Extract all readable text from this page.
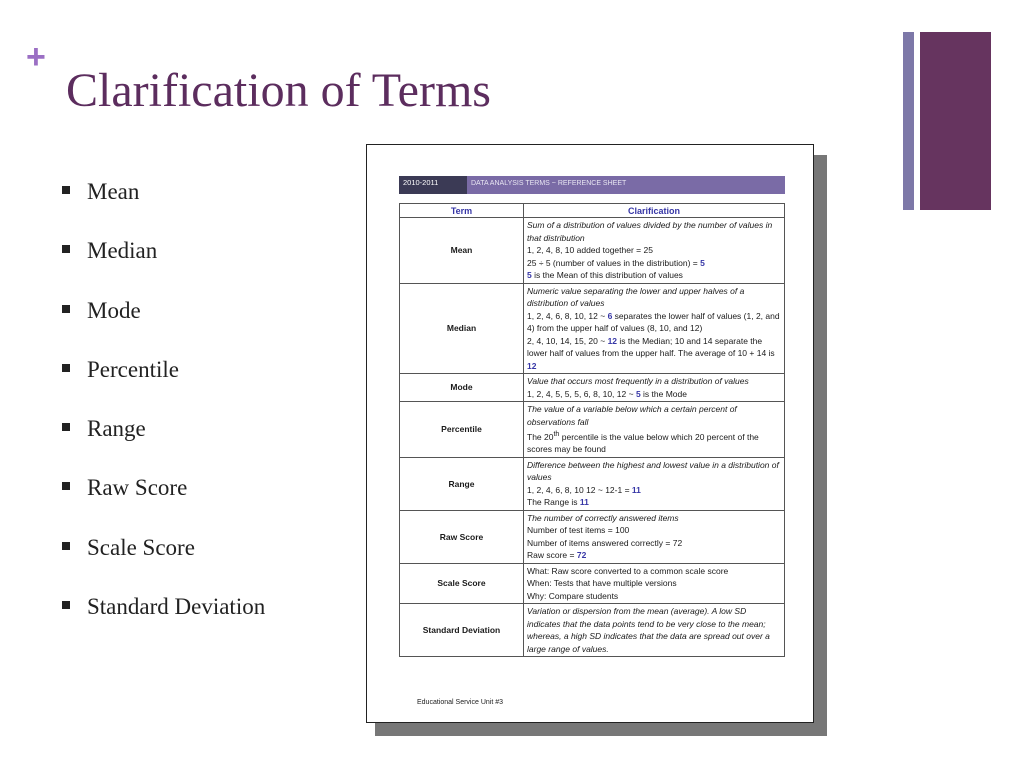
+
Clarification of Terms
Mean
Median
Mode
Percentile
Range
Raw Score
Scale Score
Standard Deviation
2010-2011	DATA ANALYSIS TERMS ~ REFERENCE SHEET
Term	Clarification
Mean	Sum of a distribution of values divided by the number of values in that distribution
1, 2, 4, 8, 10 added together = 25
25 ÷ 5 (number of values in the distribution) = 5
5 is the Mean of this distribution of values

Median	Numeric value separating the lower and upper halves of a distribution of values
1, 2, 4, 6, 8, 10, 12 ~ 6 separates the lower half of values (1, 2, and 4) from the upper half of values (8, 10, and 12)
2, 4, 10, 14, 15, 20 ~ 12 is the Median; 10 and 14 separate the lower half of values from the upper half. The average of 10 + 14 is 12

Mode	Value that occurs most frequently in a distribution of values
1, 2, 4, 5, 5, 5, 6, 8, 10, 12 ~ 5 is the Mode

Percentile	The value of a variable below which a certain percent of observations fall
The 20th percentile is the value below which 20 percent of the scores may be found

Range	Difference between the highest and lowest value in a distribution of values
1, 2, 4, 6, 8, 10 12 ~ 12-1 = 11
The Range is 11

Raw Score	The number of correctly answered items
Number of test items = 100
Number of items answered correctly = 72
Raw score = 72

Scale Score	What: Raw score converted to a common scale score
When: Tests that have multiple versions
Why: Compare students

Standard Deviation	Variation or dispersion from the mean (average). A low SD indicates that the data points tend to be very close to the mean; whereas, a high SD indicates that the data are spread out over a large range of values.
Educational Service Unit #3
